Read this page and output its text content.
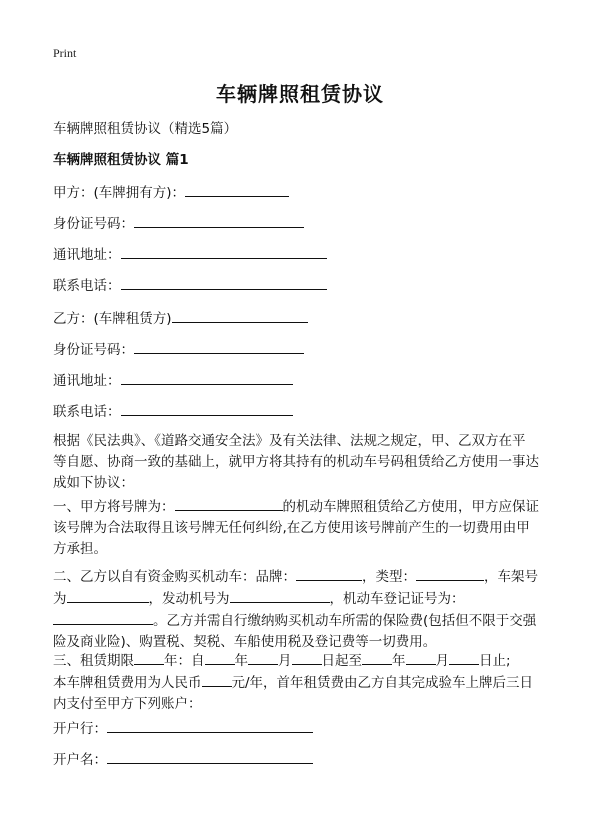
Print
车辆牌照租赁协议
车辆牌照租赁协议（精选5篇）
车辆牌照租赁协议 篇1
甲方：(车牌拥有方)：
身份证号码：
通讯地址：
联系电话：
乙方：(车牌租赁方)
身份证号码：
通讯地址：
联系电话：
根据《民法典》、《道路交通安全法》及有关法律、法规之规定，甲、乙双方在平
等自愿、协商一致的基础上，就甲方将其持有的机动车号码租赁给乙方使用一事达
成如下协议：
一、甲方将号牌为：	的机动车牌照租赁给乙方使用，甲方应保证
该号牌为合法取得且该号牌无任何纠纷,在乙方使用该号牌前产生的一切费用由甲
方承担。
二、乙方以自有资金购买机动车：品牌：	，类型：	，车架号
为	，发动机号为	，机动车登记证号为：
。乙方并需自行缴纳购买机动车所需的保险费(包括但不限于交强
险及商业险)、购置税、契税、车船使用税及登记费等一切费用。
三、租赁期限 年：自 年 月 日起至 年 月 日止;
本车牌租赁费用为人民币 元/年，首年租赁费由乙方自其完成验车上牌后三日
内支付至甲方下列账户：
开户行：
开户名：
